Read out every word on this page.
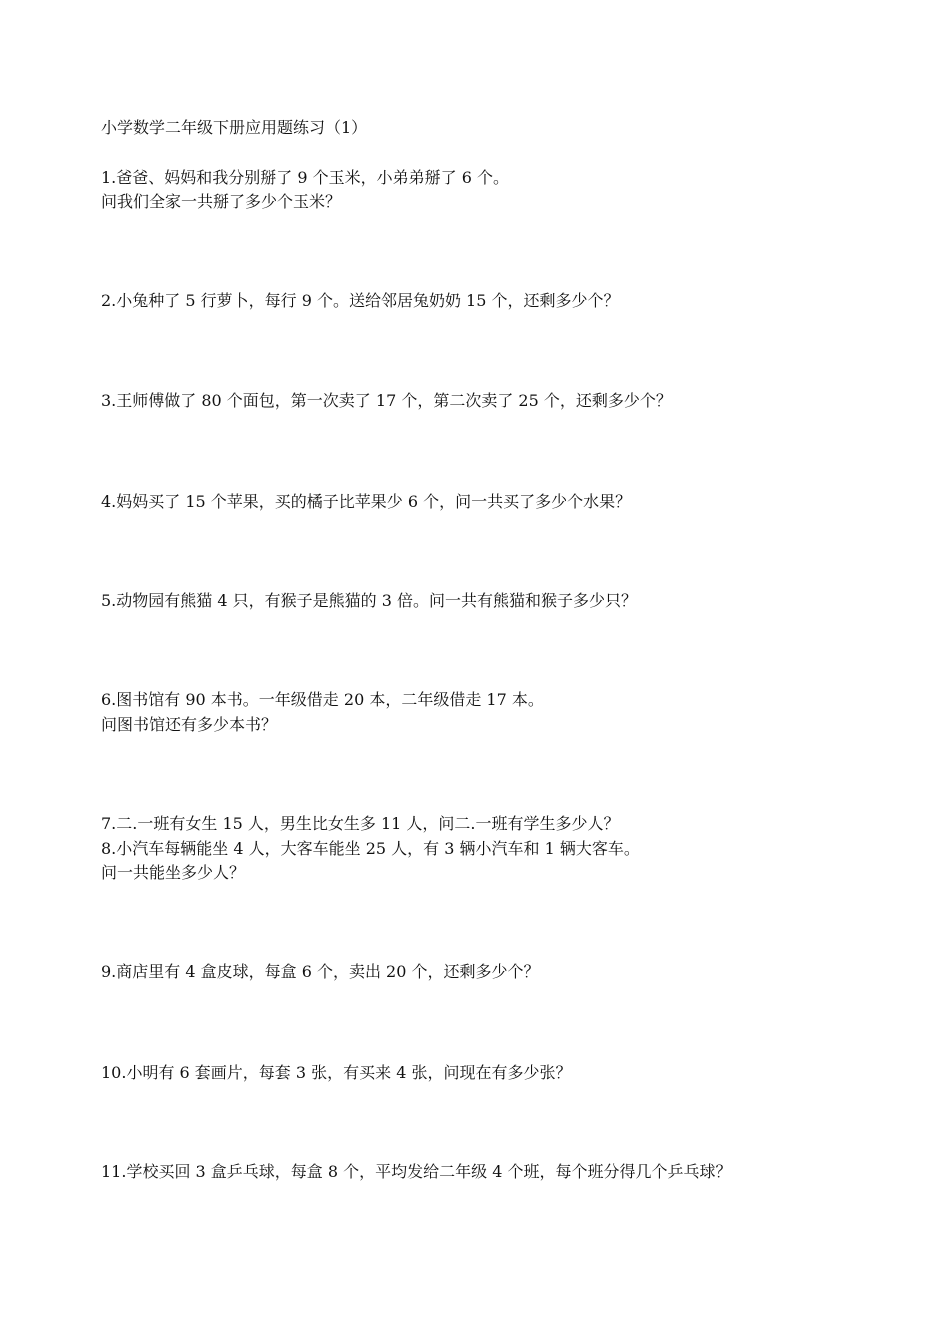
小学数学二年级下册应用题练习（1）
1.爸爸、妈妈和我分别掰了 9 个玉米，小弟弟掰了 6 个。
问我们全家一共掰了多少个玉米？
2.小兔种了 5 行萝卜，每行 9 个。送给邻居兔奶奶 15 个，还剩多少个？
3.王师傅做了 80 个面包，第一次卖了 17 个，第二次卖了 25 个，还剩多少个？
4.妈妈买了 15 个苹果，买的橘子比苹果少 6 个，问一共买了多少个水果？
5.动物园有熊猫 4 只，有猴子是熊猫的 3 倍。问一共有熊猫和猴子多少只？
6.图书馆有 90 本书。一年级借走 20 本，二年级借走 17 本。
问图书馆还有多少本书？
7.二.一班有女生 15 人，男生比女生多 11 人，问二.一班有学生多少人？
8.小汽车每辆能坐 4 人，大客车能坐 25 人，有 3 辆小汽车和 1 辆大客车。
问一共能坐多少人？
9.商店里有 4 盒皮球，每盒 6 个，卖出 20 个，还剩多少个？
10.小明有 6 套画片，每套 3 张，有买来 4 张，问现在有多少张？
11.学校买回 3 盒乒乓球，每盒 8 个，平均发给二年级 4 个班，每个班分得几个乒乓球？
